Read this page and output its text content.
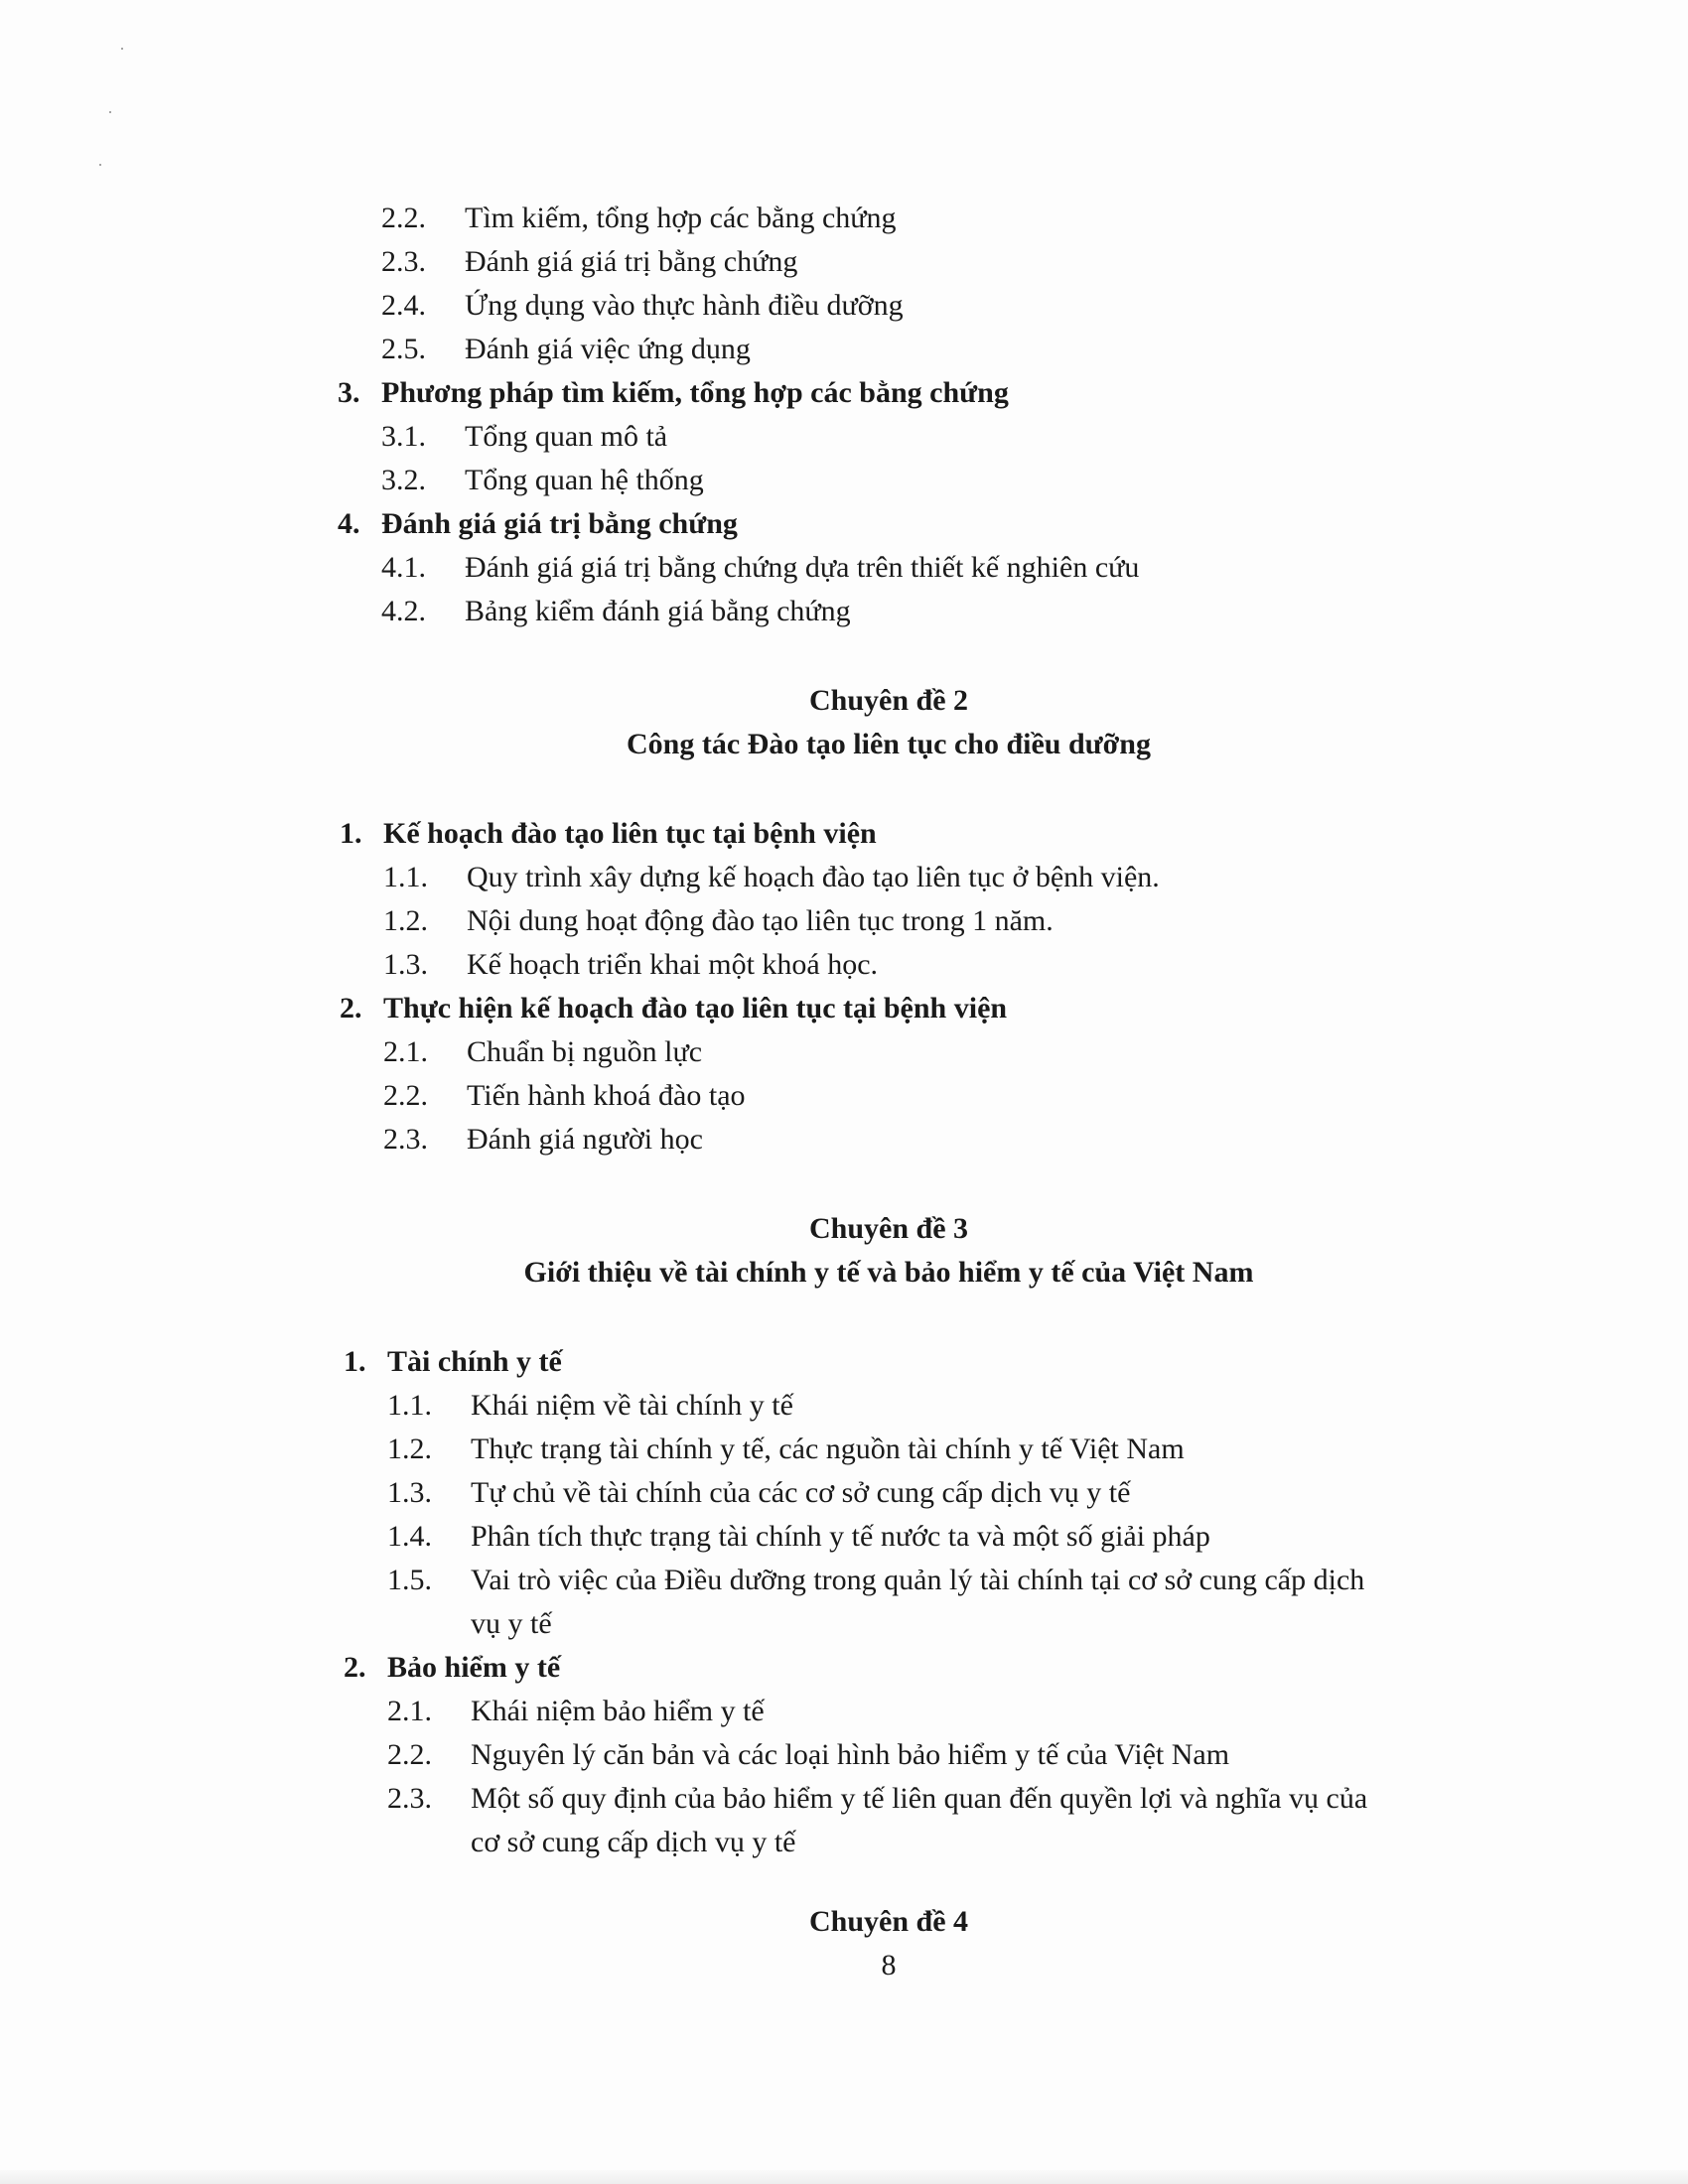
2.2. Tìm kiếm, tổng hợp các bằng chứng
2.3. Đánh giá giá trị bằng chứng
2.4. Ứng dụng vào thực hành điều dưỡng
2.5. Đánh giá việc ứng dụng
3. Phương pháp tìm kiếm, tổng hợp các bằng chứng
3.1. Tổng quan mô tả
3.2. Tổng quan hệ thống
4. Đánh giá giá trị bằng chứng
4.1. Đánh giá giá trị bằng chứng dựa trên thiết kế nghiên cứu
4.2. Bảng kiểm đánh giá bằng chứng
Chuyên đề 2
Công tác Đào tạo liên tục cho điều dưỡng
1. Kế hoạch đào tạo liên tục tại bệnh viện
1.1. Quy trình xây dựng kế hoạch đào tạo liên tục ở bệnh viện.
1.2. Nội dung hoạt động đào tạo liên tục trong 1 năm.
1.3. Kế hoạch triển khai một khoá học.
2. Thực hiện kế hoạch đào tạo liên tục tại bệnh viện
2.1. Chuẩn bị nguồn lực
2.2. Tiến hành khoá đào tạo
2.3. Đánh giá người học
Chuyên đề 3
Giới thiệu về tài chính y tế và bảo hiểm y tế của Việt Nam
1. Tài chính y tế
1.1. Khái niệm về tài chính y tế
1.2. Thực trạng tài chính y tế, các nguồn tài chính y tế Việt Nam
1.3. Tự chủ về tài chính của các cơ sở cung cấp dịch vụ y tế
1.4. Phân tích thực trạng tài chính y tế nước ta và một số giải pháp
1.5. Vai trò việc của Điều dưỡng trong quản lý tài chính tại cơ sở cung cấp dịch
vụ y tế
2. Bảo hiểm y tế
2.1. Khái niệm bảo hiểm y tế
2.2. Nguyên lý căn bản và các loại hình bảo hiểm y tế của Việt Nam
2.3. Một số quy định của bảo hiểm y tế liên quan đến quyền lợi và nghĩa vụ của
cơ sở cung cấp dịch vụ y tế
Chuyên đề 4
8
